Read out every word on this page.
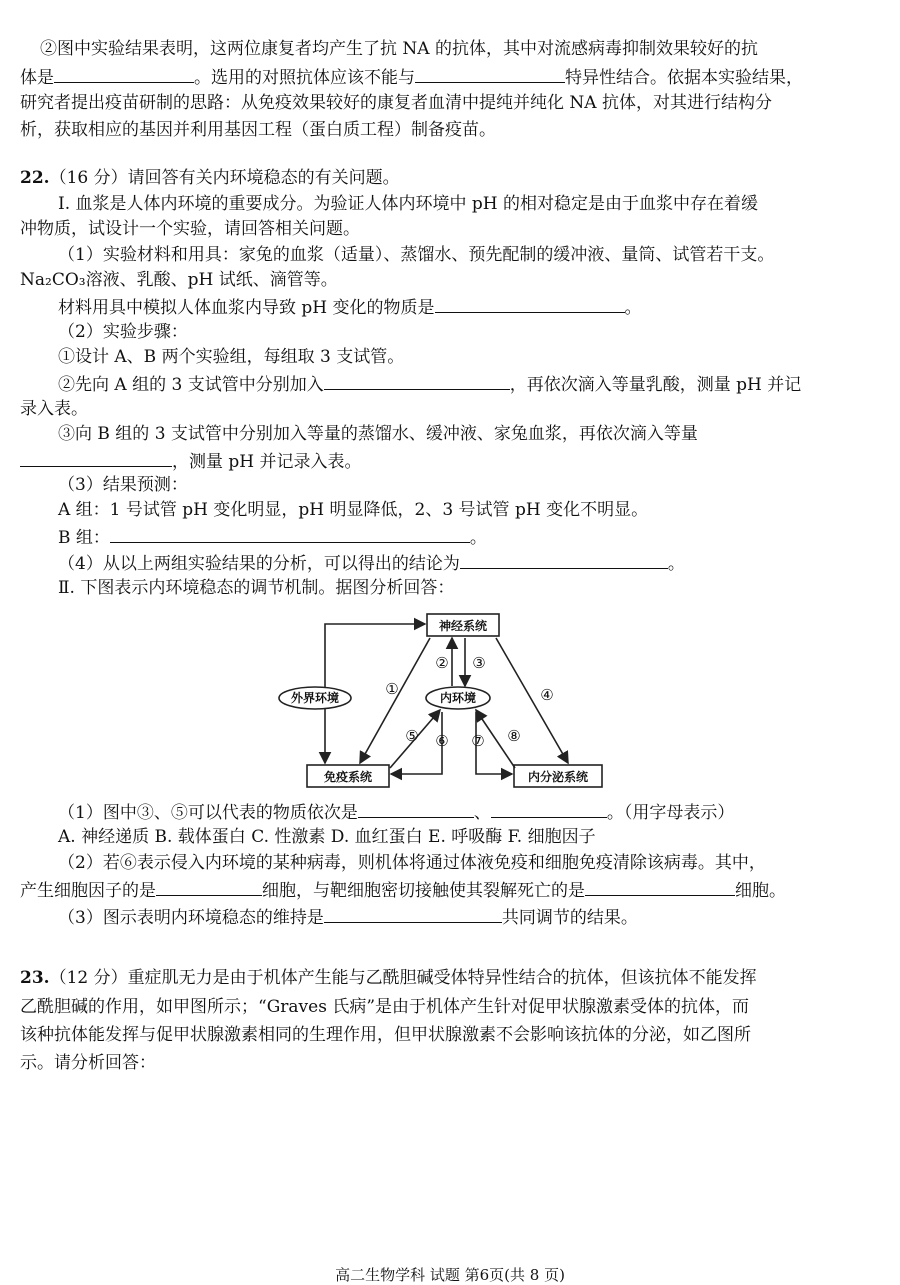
②图中实验结果表明，这两位康复者均产生了抗 NA 的抗体，其中对流感病毒抑制效果较好的抗
体是	。选用的对照抗体应该不能与	特异性结合。依据本实验结果，
研究者提出疫苗研制的思路：从免疫效果较好的康复者血清中提纯并纯化 NA 抗体，对其进行结构分
析，获取相应的基因并利用基因工程（蛋白质工程）制备疫苗。
22.（16 分）请回答有关内环境稳态的有关问题。
Ⅰ. 血浆是人体内环境的重要成分。为验证人体内环境中 pH 的相对稳定是由于血浆中存在着缓
冲物质，试设计一个实验，请回答相关问题。
（1）实验材料和用具：家兔的血浆（适量）、蒸馏水、预先配制的缓冲液、量筒、试管若干支。
Na₂CO₃溶液、乳酸、pH 试纸、滴管等。
材料用具中模拟人体血浆内导致 pH 变化的物质是	。
（2）实验步骤：
①设计 A、B 两个实验组，每组取 3 支试管。
②先向 A 组的 3 支试管中分别加入	，再依次滴入等量乳酸，测量 pH 并记
录入表。
③向 B 组的 3 支试管中分别加入等量的蒸馏水、缓冲液、家兔血浆，再依次滴入等量
，测量 pH 并记录入表。
（3）结果预测：
A 组：1 号试管 pH 变化明显，pH 明显降低，2、3 号试管 pH 变化不明显。
B 组：	。
（4）从以上两组实验结果的分析，可以得出的结论为	。
Ⅱ. 下图表示内环境稳态的调节机制。据图分析回答：
神经系统
外界环境	内环境
免疫系统	内分泌系统
①
② ③
④
⑤ ⑥ ⑦ ⑧
（1）图中③、⑤可以代表的物质依次是	、	。（用字母表示）
A. 神经递质 B. 载体蛋白 C. 性激素 D. 血红蛋白 E. 呼吸酶 F. 细胞因子
（2）若⑥表示侵入内环境的某种病毒，则机体将通过体液免疫和细胞免疫清除该病毒。其中，
产生细胞因子的是	细胞，与靶细胞密切接触使其裂解死亡的是	细胞。
（3）图示表明内环境稳态的维持是	共同调节的结果。
23.（12 分）重症肌无力是由于机体产生能与乙酰胆碱受体特异性结合的抗体，但该抗体不能发挥
乙酰胆碱的作用，如甲图所示；“Graves 氏病”是由于机体产生针对促甲状腺激素受体的抗体，而
该种抗体能发挥与促甲状腺激素相同的生理作用，但甲状腺激素不会影响该抗体的分泌，如乙图所
示。请分析回答：
高二生物学科 试题 第6页(共 8 页)
